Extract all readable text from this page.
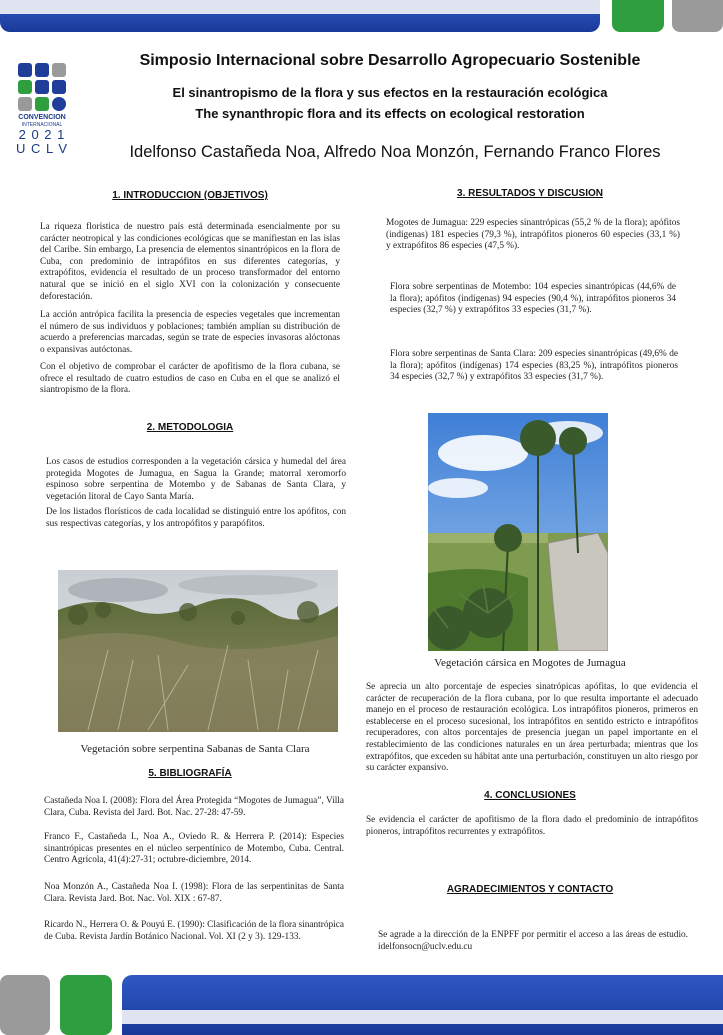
CONVENCION
INTERNACIONAL
2 0 2 1
U C L V
Simposio Internacional sobre Desarrollo Agropecuario Sostenible
El sinantropismo de la flora y sus efectos en la restauración ecológica
The synanthropic flora and its effects on ecological restoration
Idelfonso Castañeda Noa, Alfredo Noa Monzón, Fernando Franco Flores
1. INTRODUCCION (OBJETIVOS)
La riqueza florística de nuestro país está determinada esencialmente por su carácter neotropical y las condiciones ecológicas que se manifiestan en las islas del Caribe. Sin embargo, La presencia de elementos sinantrópicos en la flora de Cuba, con predominio de intrapófitos en sus diferentes categorías, y extrapófitos, evidencia el resultado de un proceso transformador del entorno natural que se inició en el siglo XVI con la colonización y consecuente deforestación.
La acción antrópica facilita la presencia de especies vegetales que incrementan el número de sus individuos y poblaciones; también amplían su distribución de acuerdo a preferencias marcadas, según se trate de especies invasoras alóctonas o expansivas autóctonas.
Con el objetivo de comprobar el carácter de apofitismo de la flora cubana, se ofrece el resultado de cuatro estudios de caso en Cuba en el que se analizó el siantropismo de la flora.
2. METODOLOGIA
Los casos de estudios corresponden a la vegetación cársica y humedal del área protegida Mogotes de Jumagua, en Sagua la Grande; matorral xeromorfo espinoso sobre serpentina de Motembo y de Sabanas de Santa Clara, y vegetación litoral de Cayo Santa María.
De los listados florísticos de cada localidad se distinguió entre los apófitos, con sus respectivas categorías, y los antropófitos y parapófitos.
Vegetación sobre serpentina Sabanas de Santa Clara
5. BIBLIOGRAFÍA
Castañeda Noa I. (2008): Flora del Área Protegida “Mogotes de Jumagua”, Villa Clara, Cuba. Revista del Jard. Bot. Nac. 27-28: 47-59.
Franco F., Castañeda I., Noa A., Oviedo R. & Herrera P. (2014): Especies sinantrópicas presentes en el núcleo serpentínico de Motembo, Cuba. Central. Centro Agrícola, 41(4):27-31; octubre-diciembre, 2014.
Noa Monzón A., Castañeda Noa I. (1998): Flora de las serpentinitas de Santa Clara. Revista Jard. Bot. Nac. Vol. XIX : 67-87.
Ricardo N., Herrera O. & Pouyú E. (1990): Clasificación de la flora sinantrópica de Cuba. Revista Jardín Botánico Nacional. Vol. XI (2 y 3). 129-133.
3. RESULTADOS Y DISCUSION
Mogotes de Jumagua: 229 especies sinantrópicas (55,2 % de la flora); apófitos (indígenas) 181 especies (79,3 %), intrapófitos pioneros 60 especies (33,1 %) y extrapófitos 86 especies (47,5 %).
Flora sobre serpentinas de Motembo: 104 especies sinantrópicas (44,6% de la flora); apófitos (indígenas) 94 especies (90,4 %), intrapófitos pioneros 34 especies (32,7 %) y extrapófitos 33 especies (31,7 %).
Flora sobre serpentinas de Santa Clara: 209 especies sinantrópicas (49,6% de la flora); apófitos (indígenas) 174 especies (83,25 %), intrapófitos pioneros 34 especies (32,7 %) y extrapófitos 33 especies (31,7 %).
Vegetación cársica en Mogotes de Jumagua
Se aprecia un alto porcentaje de especies sinatrópicas apófitas, lo que evidencia el carácter de recuperación de la flora cubana, por lo que resulta importante el adecuado manejo en el proceso de restauración ecológica. Los intrapófitos pioneros, primeros en establecerse en el proceso sucesional, los intrapófitos en sentido estricto e intrapófitos recuperadores, con altos porcentajes de presencia juegan un papel importante en el restablecimiento de las condiciones naturales en un área perturbada; mientras que los extrapófitos, que exceden su hábitat ante una perturbación, constituyen un alto riesgo por su carácter expansivo.
4. CONCLUSIONES
Se evidencia el carácter de apofitismo de la flora dado el predominio de intrapófitos pioneros, intrapófitos recurrentes y extrapófitos.
AGRADECIMIENTOS Y CONTACTO
Se agrade a la dirección de la ENPFF por permitir el acceso a las áreas de estudio. idelfonsocn@uclv.edu.cu
